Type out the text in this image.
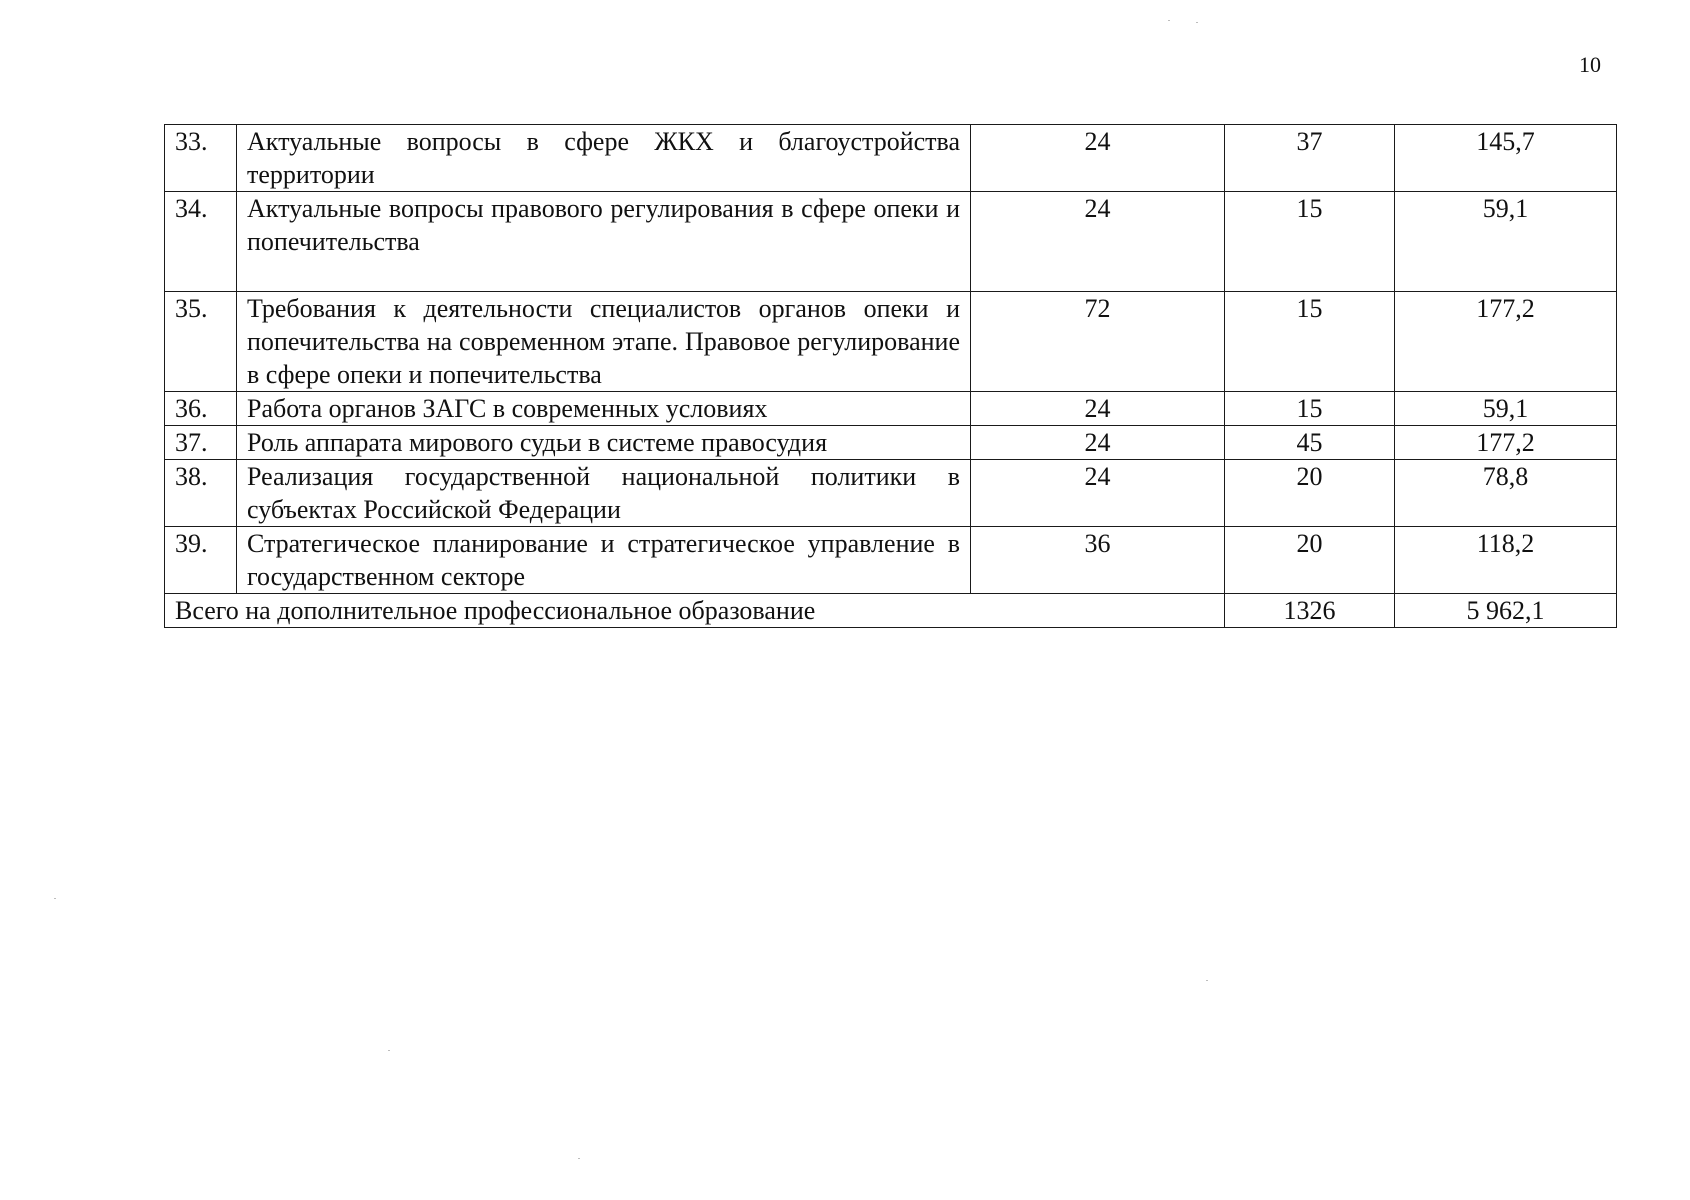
10
33.	Актуальные вопросы в сфере ЖКХ и благоустройства территории	24	37	145,7
34.	Актуальные вопросы правового регулирования в сфере опеки и попечительства	24	15	59,1
35.	Требования к деятельности специалистов органов опеки и попечительства на современном этапе. Правовое регулирование в сфере опеки и попечительства	72	15	177,2
36.	Работа органов ЗАГС в современных условиях	24	15	59,1
37.	Роль аппарата мирового судьи в системе правосудия	24	45	177,2
38.	Реализация государственной национальной политики в субъектах Российской Федерации	24	20	78,8
39.	Стратегическое планирование и стратегическое управление в государственном секторе	36	20	118,2
Всего на дополнительное профессиональное образование			1326	5 962,1
